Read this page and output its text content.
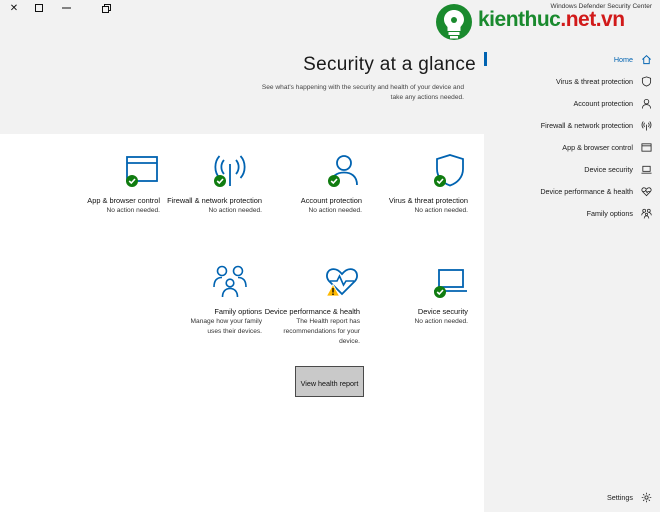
✕	Windows Defender Security Center
Home
Virus & threat protection
Account protection
Firewall & network protection
App & browser control
Device security
Device performance & health
Family options
Settings
Security at a glance
See what's happening with the security and health of your device and take any actions needed.
Virus & threat protection
No action needed.
Account protection
No action needed.
Firewall & network protection
No action needed.
App & browser control
No action needed.
Device security
No action needed.
Device performance & health
The Health report has recommendations for your device.
View health report
Family options
Manage how your family uses their devices.
kienthuc.net.vn
